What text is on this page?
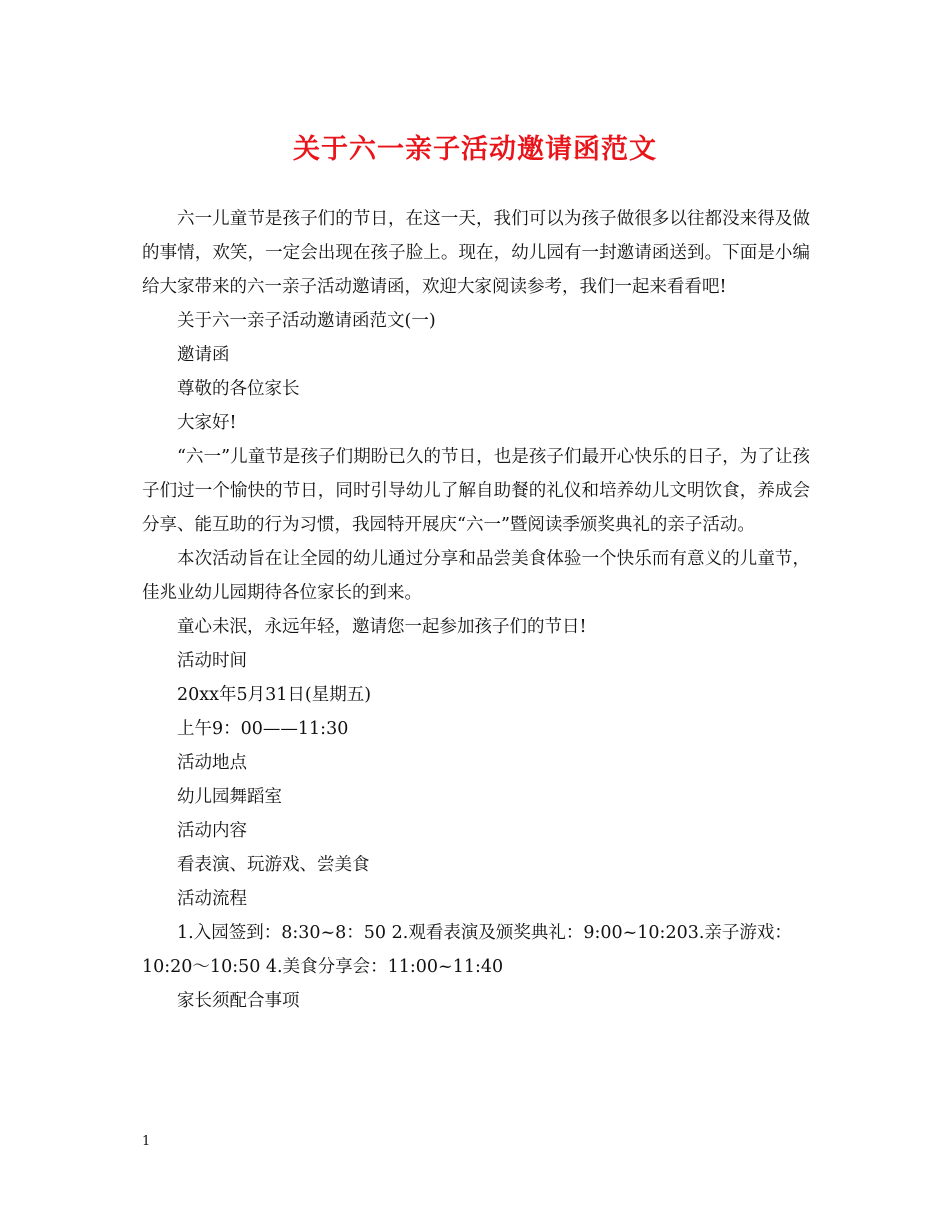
关于六一亲子活动邀请函范文

六一儿童节是孩子们的节日，在这一天，我们可以为孩子做很多以往都没来得及做的事情，欢笑，一定会出现在孩子脸上。现在，幼儿园有一封邀请函送到。下面是小编给大家带来的六一亲子活动邀请函，欢迎大家阅读参考，我们一起来看看吧!

关于六一亲子活动邀请函范文(一)

邀请函

尊敬的各位家长

大家好!

“六一”儿童节是孩子们期盼已久的节日，也是孩子们最开心快乐的日子，为了让孩子们过一个愉快的节日，同时引导幼儿了解自助餐的礼仪和培养幼儿文明饮食，养成会分享、能互助的行为习惯，我园特开展庆“六一”暨阅读季颁奖典礼的亲子活动。

本次活动旨在让全园的幼儿通过分享和品尝美食体验一个快乐而有意义的儿童节，佳兆业幼儿园期待各位家长的到来。

童心未泯，永远年轻，邀请您一起参加孩子们的节日!

活动时间

20xx年5月31日(星期五)

上午9：00——11:30

活动地点

幼儿园舞蹈室

活动内容

看表演、玩游戏、尝美食

活动流程

1.入园签到：8:30~8：50 2.观看表演及颁奖典礼：9:00~10:203.亲子游戏：10:20～10:50 4.美食分享会：11:00~11:40

家长须配合事项

1
